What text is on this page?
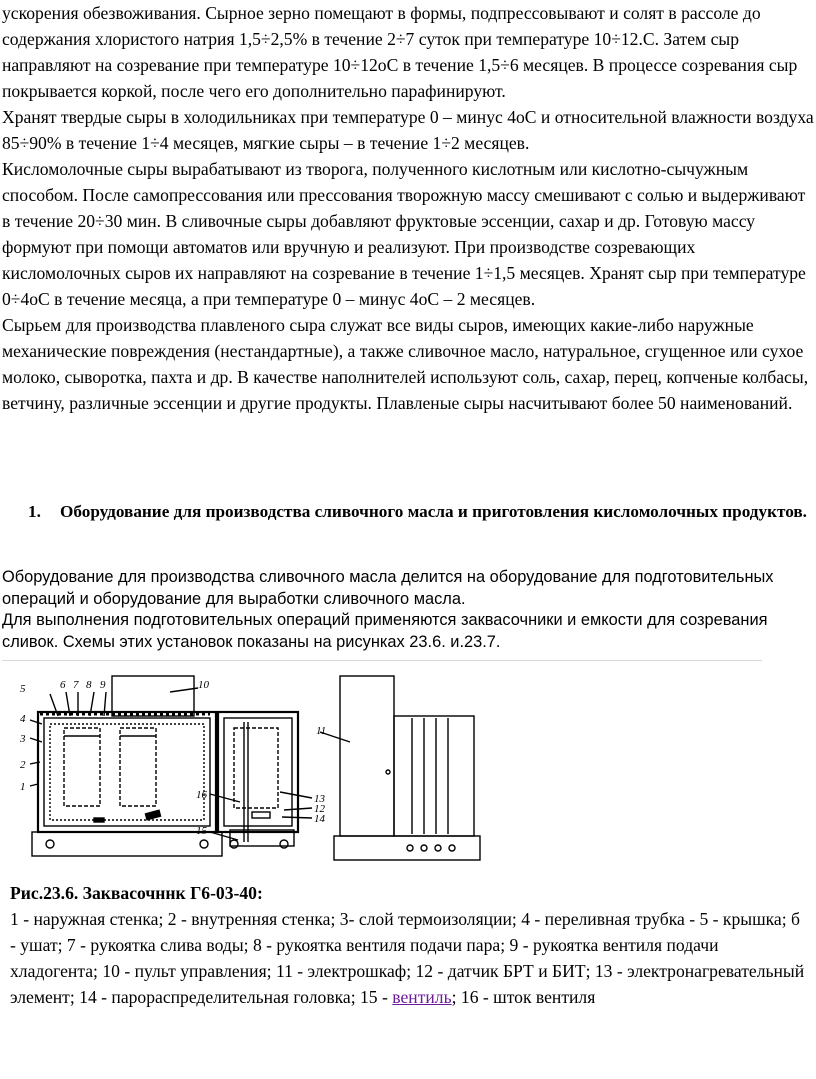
ускорения обезвоживания. Сырное зерно помещают в формы, подпрессовывают и солят в рассоле до содержания хлористого натрия 1,5÷2,5% в течение 2÷7 суток при температуре 10÷12.С. Затем сыр направляют на созревание при температуре 10÷12оС в течение 1,5÷6 месяцев. В процессе созревания сыр покрывается коркой, после чего его дополнительно парафинируют.

Хранят твердые сыры в холодильниках при температуре 0 – минус 4оС и относительной влажности воздуха 85÷90% в течение 1÷4 месяцев, мягкие сыры – в течение 1÷2 месяцев.

Кисломолочные сыры вырабатывают из творога, полученного кислотным или кислотно-сычужным способом. После самопрессования или прессования творожную массу смешивают с солью и выдерживают в течение 20÷30 мин. В сливочные сыры добавляют фруктовые эссенции, сахар и др. Готовую массу формуют при помощи автоматов или вручную и реализуют. При производстве созревающих кисломолочных сыров их направляют на созревание в течение 1÷1,5 месяцев. Хранят сыр при температуре 0÷4оС в течение месяца, а при температуре 0 – минус 4оС – 2 месяцев.

Сырьем для производства плавленого сыра служат все виды сыров, имеющих какие-либо наружные механические повреждения (нестандартные), а также сливочное масло, натуральное, сгущенное или сухое молоко, сыворотка, пахта и др. В качестве наполнителей используют соль, сахар, перец, копченые колбасы, ветчину, различные эссенции и другие продукты. Плавленые сыры насчитывают более 50 наименований.

1.	Оборудование для производства сливочного масла и приготовления кисломолочных продуктов.

Оборудование для производства сливочного масла делится на оборудование для подготовительных операций и оборудование для выработки сливочного масла.

Для выполнения подготовительных операций применяются заквасочники и емкости для созревания сливок. Схемы этих установок показаны на рисунках 23.6. и.23.7.

5	6 7 8 9	10
4
3
2
1
16
15
13
12
14
11
Рис.23.6. Заквасочннк Г6-03-40:
1 - наружная стенка; 2 - внутренняя стенка; 3- слой термоизоляции; 4 - переливная трубка - 5 - крышка; б - ушат; 7 - рукоятка слива воды; 8 - рукоятка вентиля подачи пара; 9 - рукоятка вентиля подачи хладогента; 10 - пульт управления; 11 - электрошкаф; 12 - датчик БРТ и БИТ; 13 - электронагревательный элемент; 14 - парораспределительная головка; 15 - вентиль; 16 - шток вентиля
